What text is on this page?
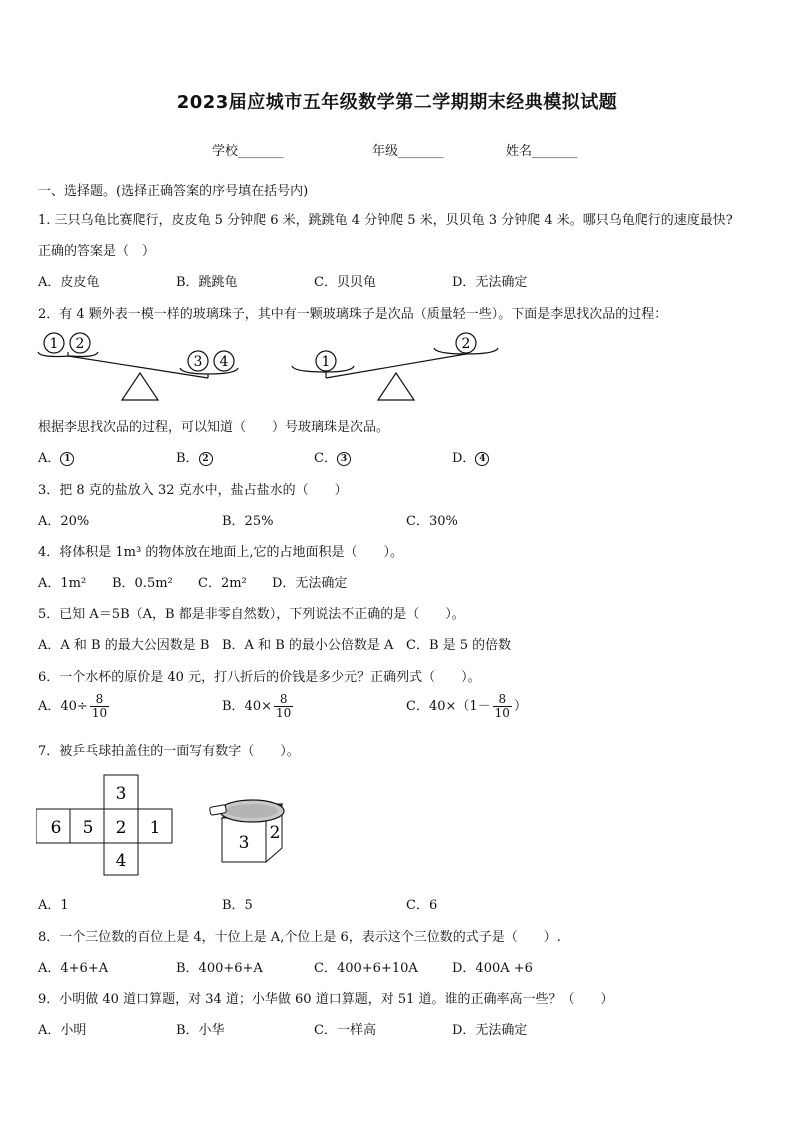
2023届应城市五年级数学第二学期期末经典模拟试题
学校_______	年级_______	姓名_______
一、选择题。(选择正确答案的序号填在括号内)
1. 三只乌龟比赛爬行，皮皮龟 5 分钟爬 6 米，跳跳龟 4 分钟爬 5 米，贝贝龟 3 分钟爬 4 米。哪只乌龟爬行的速度最快?
正确的答案是（　）
A．皮皮龟	B．跳跳龟	C．贝贝龟	D．无法确定
2．有 4 颗外表一模一样的玻璃珠子，其中有一颗玻璃珠子是次品（质量轻一些）。下面是李思找次品的过程：
1 2
3 4	1
2
根据李思找次品的过程，可以知道（　　）号玻璃珠是次品。
A． 1	B． 2	C． 3	D． 4
3．把 8 克的盐放入 32 克水中，盐占盐水的（　　）
A．20%	B．25%	C．30%
4．将体积是 1m³ 的物体放在地面上,它的占地面积是（　　）。
A．1m² B．0.5m² C．2m² D．无法确定
5．已知 A＝5B（A，B 都是非零自然数），下列说法不正确的是（　　）。
A．A 和 B 的最大公因数是 B B．A 和 B 的最小公倍数是 A C．B 是 5 的倍数
6．一个水杯的原价是 40 元，打八折后的价钱是多少元？正确列式（　　）。
A．$40\div \frac{8}{10}$	B．$40\times \frac{8}{10}$	C．$40\times(1- \frac{8}{10}$ ）
7．被乒乓球拍盖住的一面写有数字（　　）。
3
6 5 2 1
4
3 2
A．1	B．5	C．6
8．一个三位数的百位上是 4，十位上是 A,个位上是 6，表示这个三位数的式子是（　　）.
A．4+6+A	B．400+6+A	C．400+6+10A	D．400A +6
9．小明做 40 道口算题，对 34 道；小华做 60 道口算题，对 51 道。谁的正确率高一些？（　　）
A．小明	B．小华	C．一样高	D．无法确定
